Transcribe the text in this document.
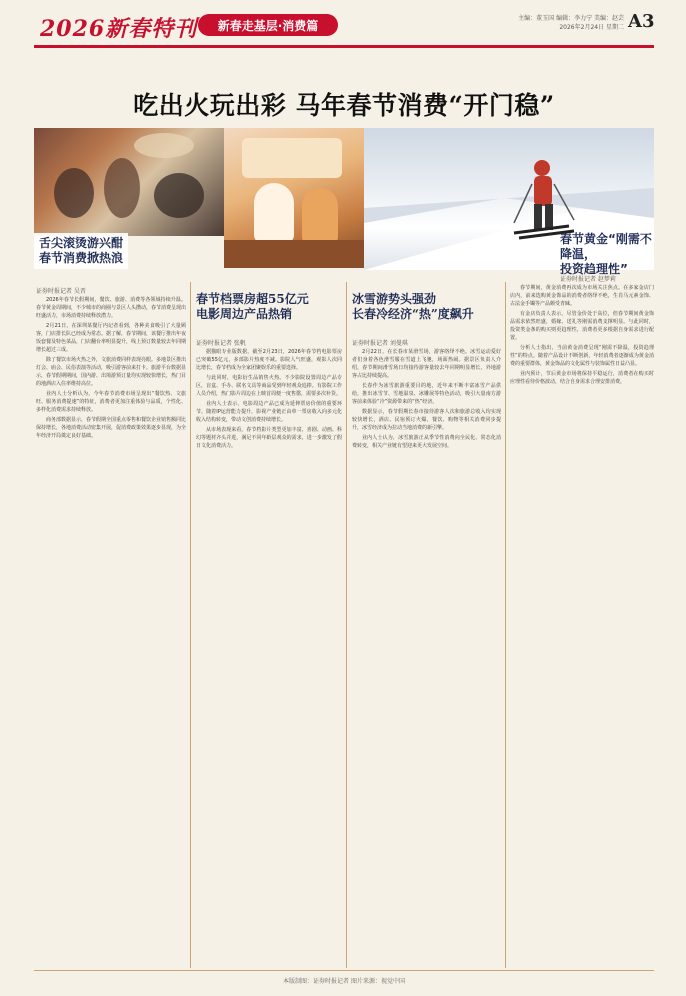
2026新春特刊 新春走基层·消费篇	主编：董玉国 编辑：李力宁 美编：赵芸
2026年2月24日 星期二 A3
吃出火玩出彩 马年春节消费“开门稳”
舌尖滚烫游兴酣
春节消费掀热浪
春节黄金“刚需不降温，
投资趋理性”
春节档票房超55亿元
电影周边产品热销
冰雪游势头强劲
长春冷经济“热”度飙升
证券时报记者 吴晋
证券时报记者 张帆	证券时报记者 刘曼琪
证券时报记者 赵梦莉

2026年春节长假期间，餐饮、旅游、消费等各领域持续升温。春节黄金周期间，不少城市的商圈与景区人头攒动，春节消费呈现出旺盛活力，市场消费持续释放潜力。

2月21日，在深圳某餐厅内记者看到，各种美食吸引了大量顾客，门店排长队已经成为常态。据了解，春节期间，该餐厅推出年夜饭套餐及特色菜品，门店翻台率明显提升，线上预订数量较去年同期增长超过三成。

除了餐饮市场火热之外，文旅消费同样表现亮眼。多地景区推出灯会、庙会、民俗表演等活动，吸引游客前来打卡。旅游平台数据显示，春节假期期间，国内游、出境游预订量均实现较快增长，热门目的地酒店入住率维持高位。

业内人士分析认为，今年春节消费市场呈现出“餐饮热、文旅旺、服务消费提速”的特征，消费者更加注重体验与品质，个性化、多样化消费需求持续释放。

商务部数据显示，春节假期全国重点零售和餐饮企业销售额同比保持增长，各地消费活动密集开展，促消费政策效果逐步显现，为全年经济开局奠定良好基础。

据猫眼专业版数据，截至2月23日，2026年春节档电影票房已突破55亿元，多部影片热度不减。影院人气旺盛，观影人次同比增长，春节档成为全家团聚娱乐的重要选择。

与此同时，电影衍生品销售火热。不少影院设置周边产品专区，盲盒、手办、联名文具等商品受到年轻观众追捧。有影院工作人员介绍，热门影片周边在上映首周便一度售罄，需要多次补货。

业内人士表示，电影周边产品已成为延伸票房价值的重要环节。随着IP运营能力提升，影视产业链正由单一票房收入向多元化收入结构转变，带动文创消费持续增长。

从市场表现来看，春节档影片类型更加丰富，喜剧、动画、科幻等题材齐头并进，满足不同年龄层观众的需求，进一步激发了假日文化消费活力。

2月22日，在长春市某滑雪场，游客络绎不绝。冰雪运动爱好者们身着各色滑雪服在雪道上飞驰，场面热闹。据景区负责人介绍，春节期间滑雪场日均接待游客量较去年同期明显增长，外地游客占比持续提高。

长春作为冰雪旅游重要目的地，近年来不断丰富冰雪产品供给，推出冰雪节、雪地温泉、冰雕展等特色活动，吸引大量南方游客前来体验“冷”资源带来的“热”经济。

数据显示，春节假期长春市接待游客人次和旅游总收入均实现较快增长，酒店、民宿预订火爆，餐饮、购物等相关消费同步提升，冰雪经济成为拉动当地消费的新引擎。

业内人士认为，冰雪旅游正从季节性消费向全民化、常态化消费转变，相关产业链有望迎来更大发展空间。

春节期间，黄金消费再次成为市场关注焦点。在多家金店门店内，前来选购黄金饰品的消费者络绎不绝，生肖马元素金饰、古法金手镯等产品颇受青睐。

有金店负责人表示，尽管金价处于高位，但春节期间黄金饰品需求依然旺盛，婚嫁、送礼等刚需消费支撑明显。与此同时，投资类金条的购买则更趋理性，消费者更多根据自身需求进行配置。

分析人士指出，当前黄金消费呈现“刚需不降温，投资趋理性”的特点。随着产品设计不断创新，年轻消费者逐渐成为黄金消费的重要群体，黄金饰品的文化属性与装饰属性日益凸显。

业内预计，节后黄金市场将保持平稳运行，消费者在购买时应理性看待价格波动，结合自身需求合理安排消费。

本版制图：证券时报记者 图片来源：视觉中国
